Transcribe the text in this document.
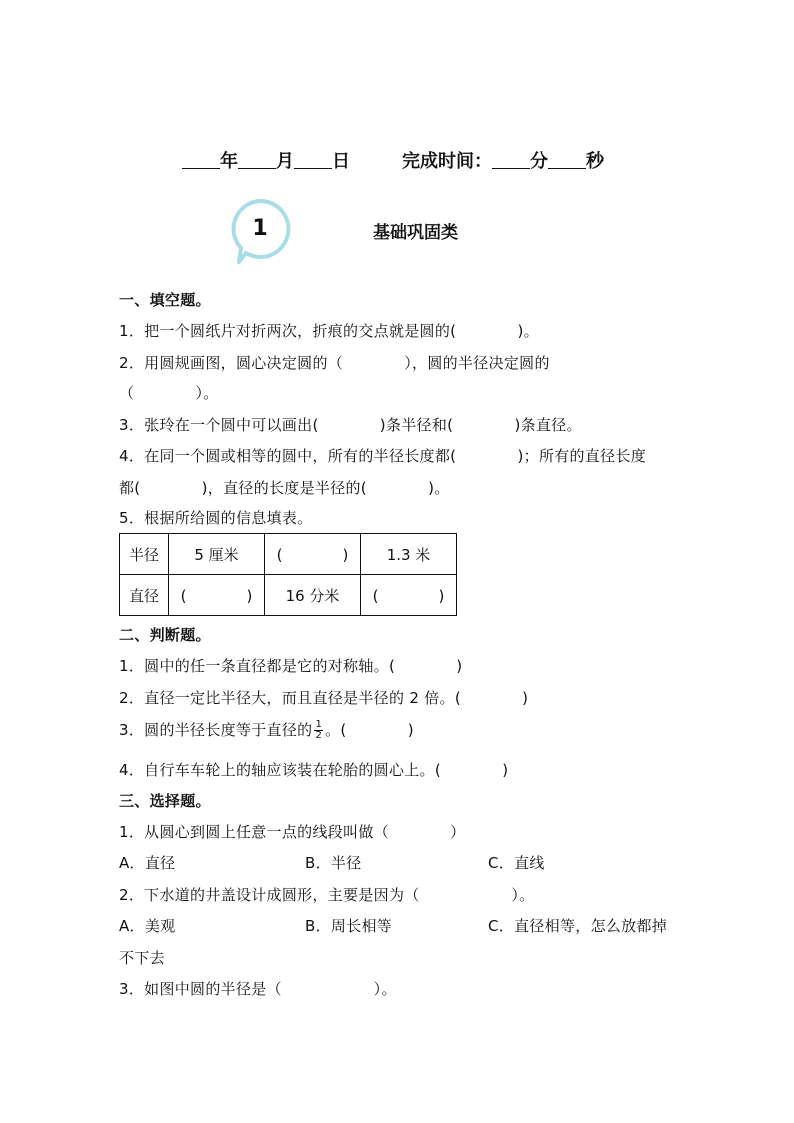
年 月 日	完成时间： 分 秒
1	基础巩固类
一、填空题。
1．把一个圆纸片对折两次，折痕的交点就是圆的(　　　　)。
2．用圆规画图，圆心决定圆的（　　　　），圆的半径决定圆的
（　　　　）。
3．张玲在一个圆中可以画出(　　　　)条半径和(　　　　)条直径。
4．在同一个圆或相等的圆中，所有的半径长度都(　　　　)；所有的直径长度
都(　　　　)，直径的长度是半径的(　　　　)。
5．根据所给圆的信息填表。
半径	5 厘米	(　　　　)	1.3 米
直径	(　　　　)	16 分米	(　　　　)
二、判断题。
1．圆中的任一条直径都是它的对称轴。(　　　　)
2．直径一定比半径大，而且直径是半径的 2 倍。(　　　　)
3．圆的半径长度等于直径的 $\frac{1}{2}$ 。(　　　　)
4．自行车车轮上的轴应该装在轮胎的圆心上。(　　　　)
三、选择题。
1．从圆心到圆上任意一点的线段叫做（　　　　）
A．直径	B．半径	C．直线
2．下水道的井盖设计成圆形，主要是因为（　　　　　　）。
A．美观	B．周长相等	C．直径相等，怎么放都掉
不下去
3．如图中圆的半径是（　　　　　　）。
